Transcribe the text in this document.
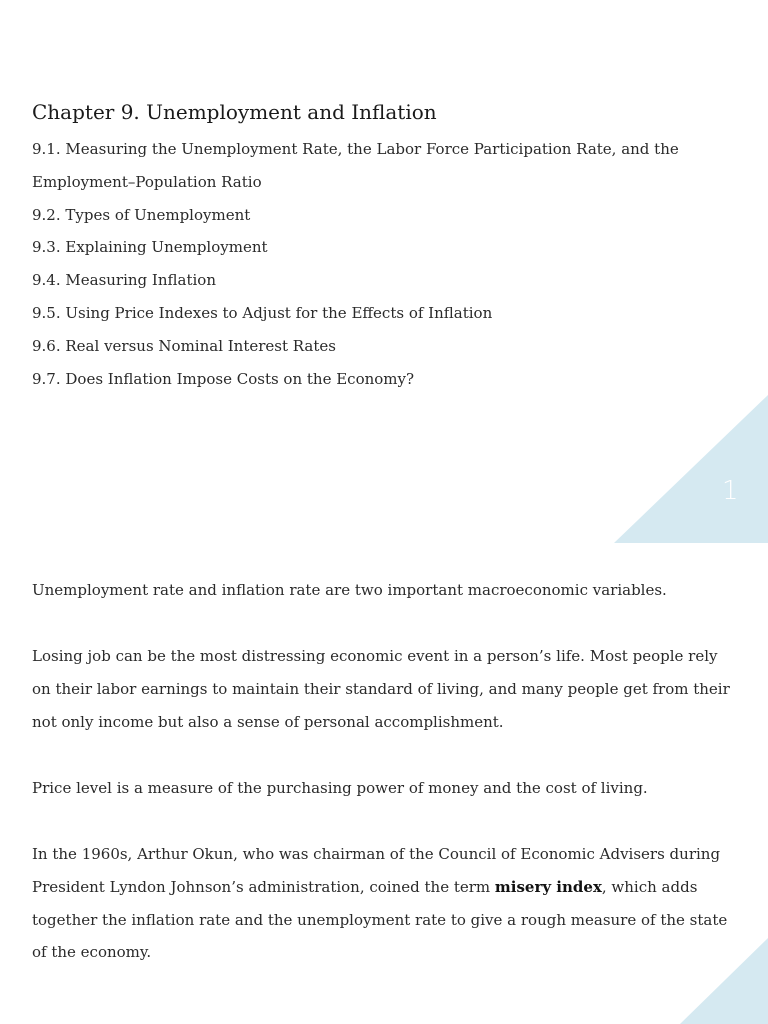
Chapter 9. Unemployment and Inflation
9.1. Measuring the Unemployment Rate, the Labor Force Participation Rate, and the Employment–Population Ratio
9.2. Types of Unemployment
9.3. Explaining Unemployment
9.4. Measuring Inflation
9.5. Using Price Indexes to Adjust for the Effects of Inflation
9.6. Real versus Nominal Interest Rates
9.7. Does Inflation Impose Costs on the Economy?
1

Unemployment rate and inflation rate are two important macroeconomic variables.

Losing job can be the most distressing economic event in a person’s life. Most people rely on their labor earnings to maintain their standard of living, and many people get from their not only income but also a sense of personal accomplishment.

Price level is a measure of the purchasing power of money and the cost of living.

In the 1960s, Arthur Okun, who was chairman of the Council of Economic Advisers during President Lyndon Johnson’s administration, coined the term misery index, which adds together the inflation rate and the unemployment rate to give a rough measure of the state of the economy.
